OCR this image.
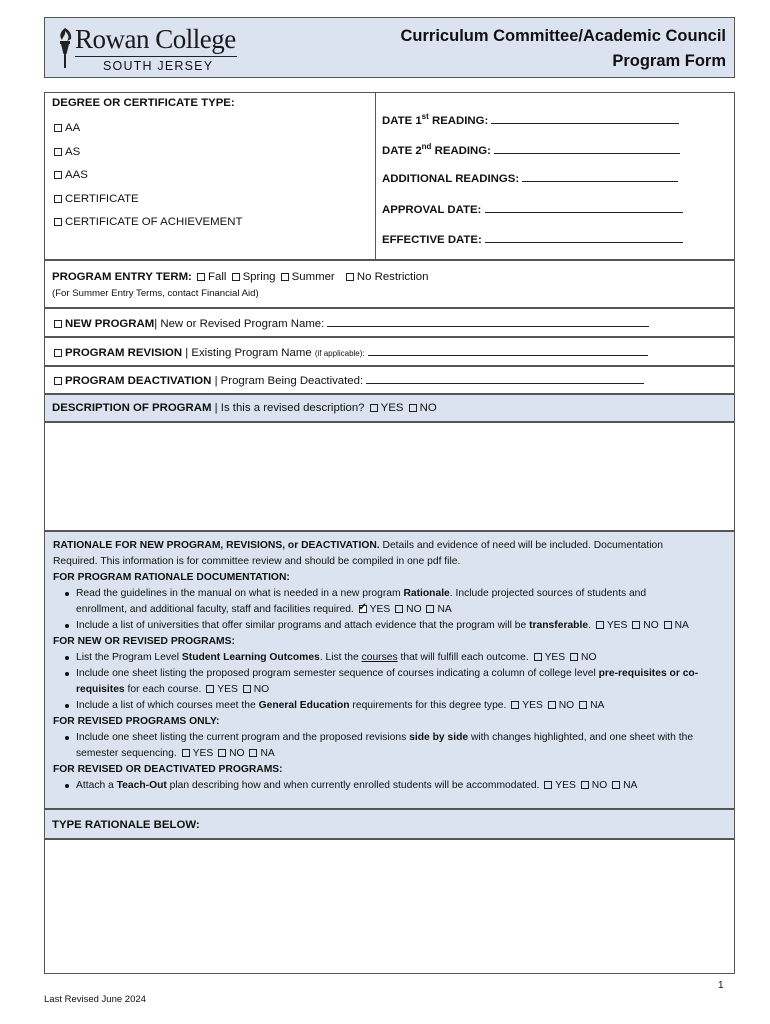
Rowan College
SOUTH JERSEY
Curriculum Committee/Academic Council
Program Form
DEGREE OR CERTIFICATE TYPE:
AA
AS
AAS
CERTIFICATE
CERTIFICATE OF ACHIEVEMENT
DATE 1st READING:
DATE 2nd READING:
ADDITIONAL READINGS:
APPROVAL DATE:
EFFECTIVE DATE:
PROGRAM ENTRY TERM: Fall Spring Summer No Restriction
(For Summer Entry Terms, contact Financial Aid)
NEW PROGRAM| New or Revised Program Name:
PROGRAM REVISION | Existing Program Name (if applicable):
PROGRAM DEACTIVATION | Program Being Deactivated:
DESCRIPTION OF PROGRAM | Is this a revised description? YES NO
RATIONALE FOR NEW PROGRAM, REVISIONS, or DEACTIVATION. Details and evidence of need will be included. Documentation
Required. This information is for committee review and should be compiled in one pdf file.
FOR PROGRAM RATIONALE DOCUMENTATION:
Read the guidelines in the manual on what is needed in a new program Rationale. Include projected sources of students and
enrollment, and additional faculty, staff and facilities required. ✓ YES NO NA
Include a list of universities that offer similar programs and attach evidence that the program will be transferable. YES NO NA
FOR NEW OR REVISED PROGRAMS:
List the Program Level Student Learning Outcomes. List the courses that will fulfill each outcome. YES NO
Include one sheet listing the proposed program semester sequence of courses indicating a column of college level pre-requisites or co-
requisites for each course. YES NO
Include a list of which courses meet the General Education requirements for this degree type. YES NO NA
FOR REVISED PROGRAMS ONLY:
Include one sheet listing the current program and the proposed revisions side by side with changes highlighted, and one sheet with the
semester sequencing. YES NO NA
FOR REVISED OR DEACTIVATED PROGRAMS:
Attach a Teach-Out plan describing how and when currently enrolled students will be accommodated. YES NO NA
TYPE RATIONALE BELOW:
1
Last Revised June 2024
